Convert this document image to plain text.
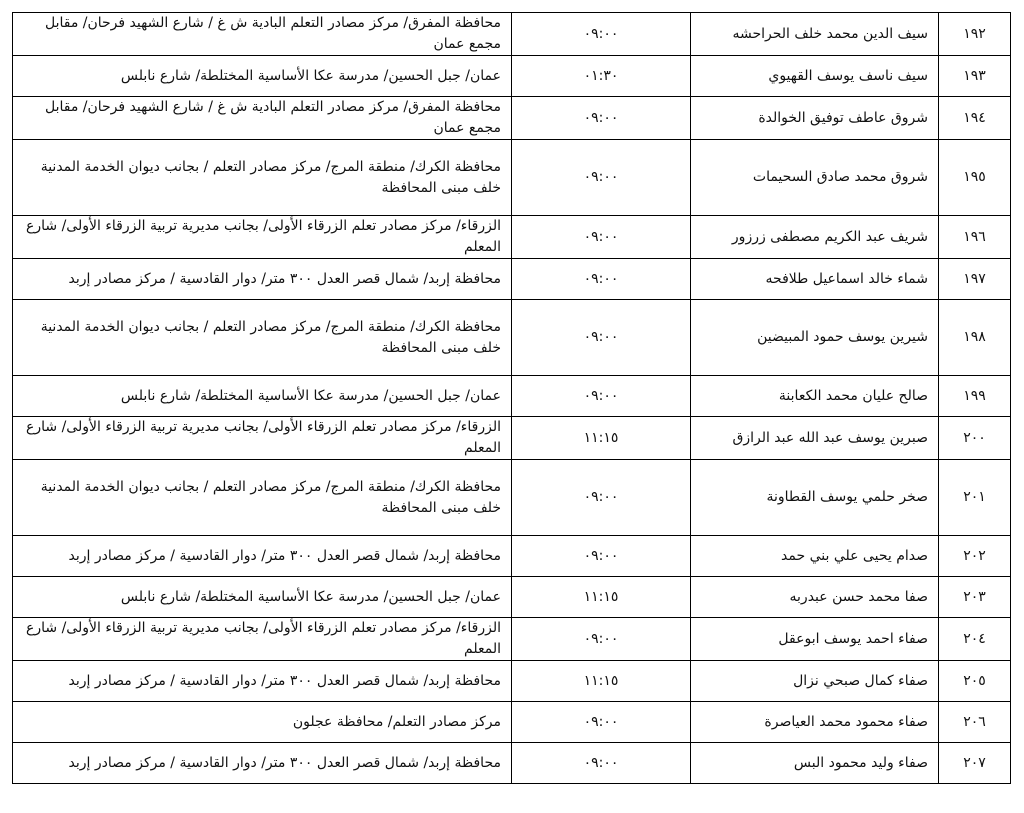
١٩٢	سيف الدين محمد خلف الحراحشه	٠٩:٠٠	محافظة المفرق/ مركز مصادر التعلم البادية ش غ / شارع الشهيد فرحان/ مقابل مجمع عمان
١٩٣	سيف ناسف يوسف القهيوي	٠١:٣٠	عمان/ جبل الحسين/ مدرسة عكا الأساسية المختلطة/ شارع نابلس
١٩٤	شروق عاطف توفيق الخوالدة	٠٩:٠٠	محافظة المفرق/ مركز مصادر التعلم البادية ش غ / شارع الشهيد فرحان/ مقابل مجمع عمان
١٩٥	شروق محمد صادق السحيمات	٠٩:٠٠	محافظة الكرك/ منطقة المرج/ مركز مصادر التعلم / بجانب ديوان الخدمة المدنية خلف مبنى المحافظة
١٩٦	شريف عبد الكريم مصطفى زرزور	٠٩:٠٠	الزرقاء/ مركز مصادر تعلم الزرقاء الأولى/ بجانب مديرية تربية الزرقاء الأولى/ شارع المعلم
١٩٧	شماء خالد اسماعيل طلافحه	٠٩:٠٠	محافظة إربد/ شمال قصر العدل ٣٠٠ متر/ دوار القادسية / مركز مصادر إربد
١٩٨	شيرين يوسف حمود المبيضين	٠٩:٠٠	محافظة الكرك/ منطقة المرج/ مركز مصادر التعلم / بجانب ديوان الخدمة المدنية خلف مبنى المحافظة
١٩٩	صالح عليان محمد الكعابنة	٠٩:٠٠	عمان/ جبل الحسين/ مدرسة عكا الأساسية المختلطة/ شارع نابلس
٢٠٠	صبرين يوسف عبد الله عبد الرازق	١١:١٥	الزرقاء/ مركز مصادر تعلم الزرقاء الأولى/ بجانب مديرية تربية الزرقاء الأولى/ شارع المعلم
٢٠١	صخر حلمي يوسف القطاونة	٠٩:٠٠	محافظة الكرك/ منطقة المرج/ مركز مصادر التعلم / بجانب ديوان الخدمة المدنية خلف مبنى المحافظة
٢٠٢	صدام يحيى علي بني حمد	٠٩:٠٠	محافظة إربد/ شمال قصر العدل ٣٠٠ متر/ دوار القادسية / مركز مصادر إربد
٢٠٣	صفا محمد حسن عبدربه	١١:١٥	عمان/ جبل الحسين/ مدرسة عكا الأساسية المختلطة/ شارع نابلس
٢٠٤	صفاء احمد يوسف ابوعقل	٠٩:٠٠	الزرقاء/ مركز مصادر تعلم الزرقاء الأولى/ بجانب مديرية تربية الزرقاء الأولى/ شارع المعلم
٢٠٥	صفاء كمال صبحي نزال	١١:١٥	محافظة إربد/ شمال قصر العدل ٣٠٠ متر/ دوار القادسية / مركز مصادر إربد
٢٠٦	صفاء محمود محمد العياصرة	٠٩:٠٠	مركز مصادر التعلم/ محافظة عجلون
٢٠٧	صفاء وليد محمود البس	٠٩:٠٠	محافظة إربد/ شمال قصر العدل ٣٠٠ متر/ دوار القادسية / مركز مصادر إربد
